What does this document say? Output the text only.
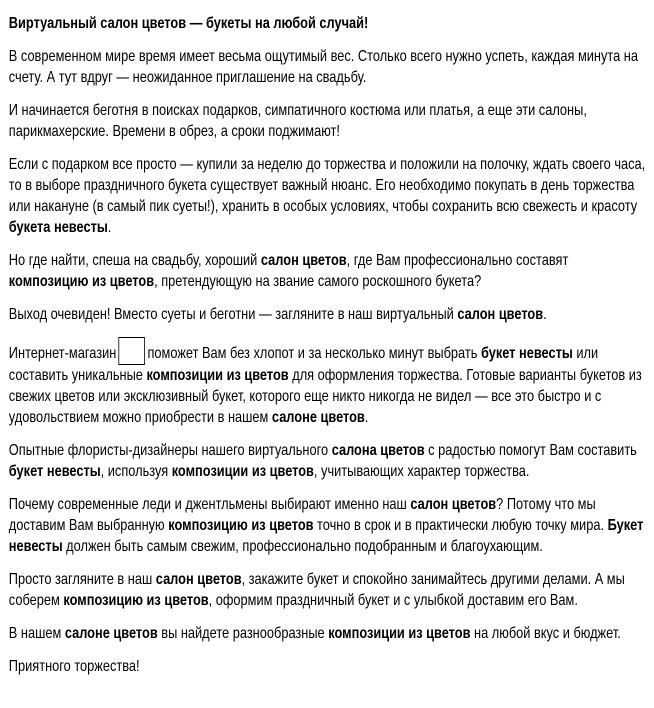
Виртуальный салон цветов — букеты на любой случай!

В современном мире время имеет весьма ощутимый вес. Столько всего нужно успеть, каждая минута на счету. А тут вдруг — неожиданное приглашение на свадьбу.

И начинается беготня в поисках подарков, симпатичного костюма или платья, а еще эти салоны, парикмахерские. Времени в обрез, а сроки поджимают!

Если с подарком все просто — купили за неделю до торжества и положили на полочку, ждать своего часа, то в выборе праздничного букета существует важный нюанс. Его необходимо покупать в день торжества или накануне (в самый пик суеты!), хранить в особых условиях, чтобы сохранить всю свежесть и красоту букета невесты.

Но где найти, спеша на свадьбу, хороший салон цветов, где Вам профессионально составят композицию из цветов, претендующую на звание самого роскошного букета?

Выход очевиден! Вместо суеты и беготни — загляните в наш виртуальный салон цветов.

Интернет-магазин поможет Вам без хлопот и за несколько минут выбрать букет невесты или составить уникальные композиции из цветов для оформления торжества. Готовые варианты букетов из свежих цветов или эксклюзивный букет, которого еще никто никогда не видел — все это быстро и с удовольствием можно приобрести в нашем салоне цветов.

Опытные флористы-дизайнеры нашего виртуального салона цветов с радостью помогут Вам составить букет невесты, используя композиции из цветов, учитывающих характер торжества.

Почему современные леди и джентльмены выбирают именно наш салон цветов? Потому что мы доставим Вам выбранную композицию из цветов точно в срок и в практически любую точку мира. Букет невесты должен быть самым свежим, профессионально подобранным и благоухающим.

Просто загляните в наш салон цветов, закажите букет и спокойно занимайтесь другими делами. А мы соберем композицию из цветов, оформим праздничный букет и с улыбкой доставим его Вам.

В нашем салоне цветов вы найдете разнообразные композиции из цветов на любой вкус и бюджет.

Приятного торжества!
